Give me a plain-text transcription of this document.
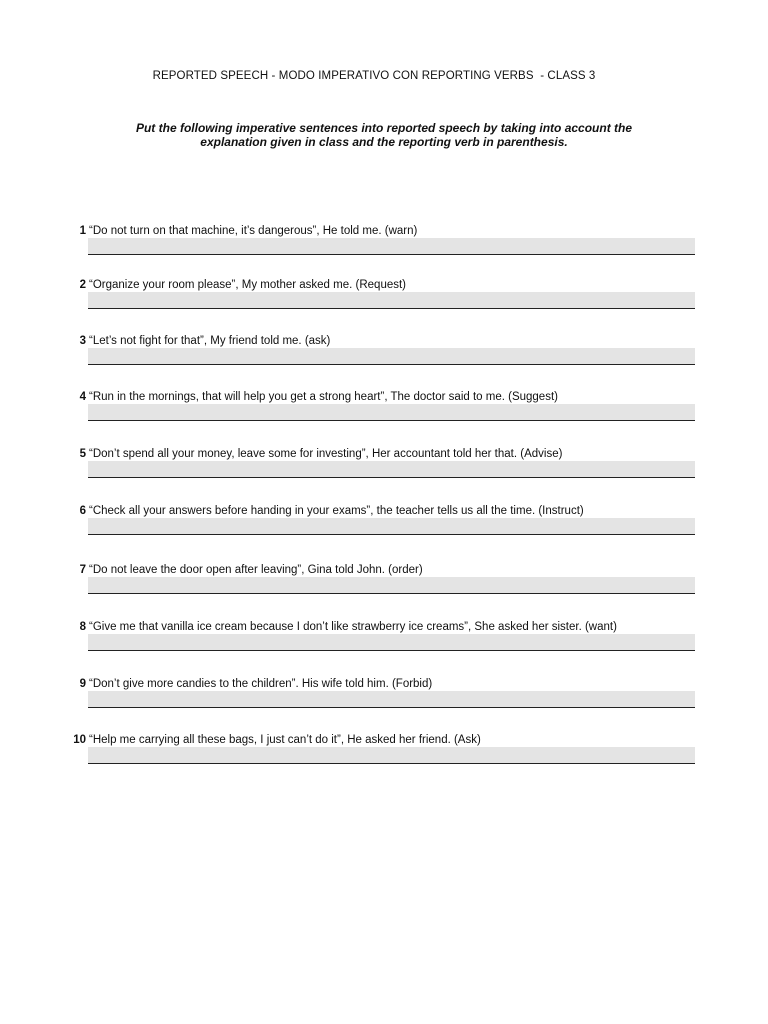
REPORTED SPEECH - MODO IMPERATIVO CON REPORTING VERBS  - CLASS 3
Put the following imperative sentences into reported speech by taking into account the
explanation given in class and the reporting verb in parenthesis.
1 “Do not turn on that machine, it’s dangerous”, He told me. (warn)
2 “Organize your room please”, My mother asked me. (Request)
3 “Let’s not fight for that”, My friend told me. (ask)
4 “Run in the mornings, that will help you get a strong heart”, The doctor said to me. (Suggest)
5 “Don’t spend all your money, leave some for investing”, Her accountant told her that. (Advise)
6 “Check all your answers before handing in your exams”, the teacher tells us all the time. (Instruct)
7 “Do not leave the door open after leaving”, Gina told John. (order)
8 “Give me that vanilla ice cream because I don’t like strawberry ice creams”, She asked her sister. (want)
9 “Don’t give more candies to the children”. His wife told him. (Forbid)
10 “Help me carrying all these bags, I just can’t do it”, He asked her friend. (Ask)
